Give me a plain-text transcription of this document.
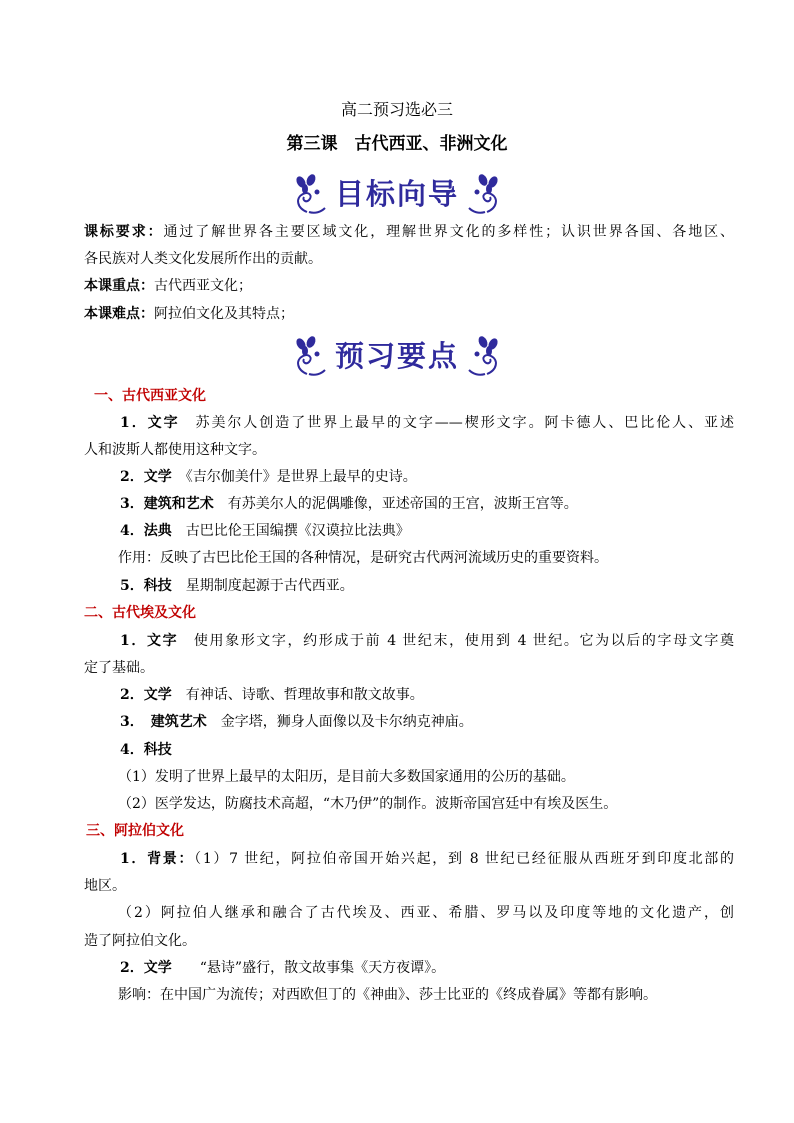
高二预习选必三
第三课　古代西亚、非洲文化
目标向导
课标要求：通过了解世界各主要区域文化，理解世界文化的多样性；认识世界各国、各地区、
各民族对人类文化发展所作出的贡献。
本课重点：古代西亚文化；
本课难点：阿拉伯文化及其特点；
预习要点
一、古代西亚文化
1．文字　 苏美尔人创造了世界上最早的文字——楔形文字。阿卡德人、巴比伦人、亚述
人和波斯人都使用这种文字。
2．文学　 《吉尔伽美什》是世界上最早的史诗。
3．建筑和艺术　 有苏美尔人的泥偶雕像，亚述帝国的王宫，波斯王宫等。
4．法典　 古巴比伦王国编撰《汉谟拉比法典》
作用：反映了古巴比伦王国的各种情况，是研究古代两河流域历史的重要资料。
5．科技　 星期制度起源于古代西亚。
二、古代埃及文化
1．文字　 使用象形文字，约形成于前 4 世纪末，使用到 4 世纪。它为以后的字母文字奠
定了基础。
2．文学　 有神话、诗歌、哲理故事和散文故事。
3．　建筑艺术　 金字塔，狮身人面像以及卡尔纳克神庙。
4．科技
（1）发明了世界上最早的太阳历，是目前大多数国家通用的公历的基础。
（2）医学发达，防腐技术高超，“木乃伊”的制作。波斯帝国宫廷中有埃及医生。
三、阿拉伯文化
1．背景：（1）7 世纪，阿拉伯帝国开始兴起，到 8 世纪已经征服从西班牙到印度北部的
地区。
（2）阿拉伯人继承和融合了古代埃及、西亚、希腊、罗马以及印度等地的文化遗产，创
造了阿拉伯文化。
2．文学　　 “悬诗”盛行，散文故事集《天方夜谭》。
影响：在中国广为流传；对西欧但丁的《神曲》、莎士比亚的《终成眷属》等都有影响。
